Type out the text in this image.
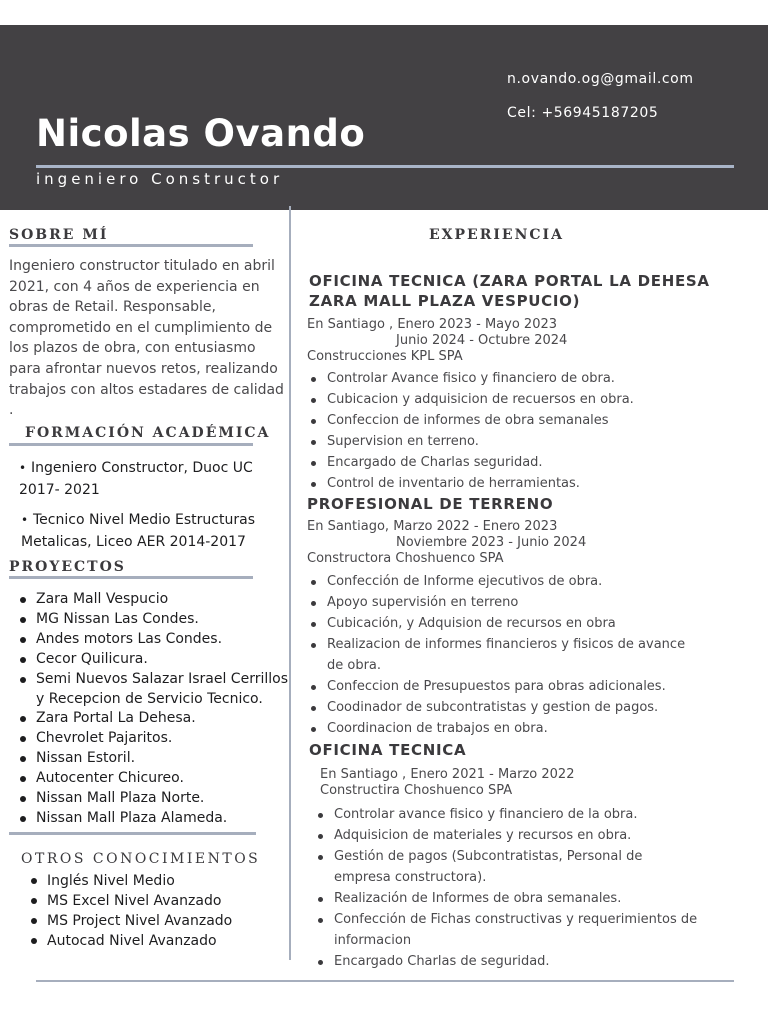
n.ovando.og@gmail.com

Cel: +56945187205

Nicolas Ovando

ingeniero Constructor

SOBRE MÍ

Ingeniero constructor titulado en abril 2021, con 4 años de experiencia en obras de Retail. Responsable, comprometido en el cumplimiento de los plazos de obra, con entusiasmo para afrontar nuevos retos, realizando trabajos con altos estadares de calidad .

FORMACIÓN ACADÉMICA
• Ingeniero Constructor, Duoc UC
2017- 2021
• Tecnico Nivel Medio Estructuras
Metalicas, Liceo AER 2014-2017
PROYECTOS
Zara Mall Vespucio
MG Nissan Las Condes.
Andes motors Las Condes.
Cecor Quilicura.
Semi Nuevos Salazar Israel Cerrillos
y Recepcion de Servicio Tecnico.
Zara Portal La Dehesa.
Chevrolet Pajaritos.
Nissan Estoril.
Autocenter Chicureo.
Nissan Mall Plaza Norte.
Nissan Mall Plaza Alameda.
OTROS CONOCIMIENTOS
Inglés Nivel Medio
MS Excel Nivel Avanzado
MS Project Nivel Avanzado
Autocad Nivel Avanzado
EXPERIENCIA
OFICINA TECNICA (ZARA PORTAL LA DEHESA
ZARA MALL PLAZA VESPUCIO)
En Santiago , Enero 2023 - Mayo 2023
Junio 2024 - Octubre 2024
Construcciones KPL SPA
Controlar Avance fisico y financiero de obra.
Cubicacion y adquisicion de recuersos en obra.
Confeccion de informes de obra semanales
Supervision en terreno.
Encargado de Charlas seguridad.
Control de inventario de herramientas.
PROFESIONAL DE TERRENO
En Santiago, Marzo 2022 - Enero 2023
Noviembre 2023 - Junio 2024
Constructora Choshuenco SPA
Confección de Informe ejecutivos de obra.
Apoyo supervisión en terreno
Cubicación, y Adquision de recursos en obra
Realizacion de informes financieros y fisicos de avance
de obra.
Confeccion de Presupuestos para obras adicionales.
Coodinador de subcontratistas y gestion de pagos.
Coordinacion de trabajos en obra.
OFICINA TECNICA
En Santiago , Enero 2021 - Marzo 2022
Constructira Choshuenco SPA
Controlar avance fisico y financiero de la obra.
Adquisicion de materiales y recursos en obra.
Gestión de pagos (Subcontratistas, Personal de
empresa constructora).
Realización de Informes de obra semanales.
Confección de Fichas constructivas y requerimientos de
informacion
Encargado Charlas de seguridad.
